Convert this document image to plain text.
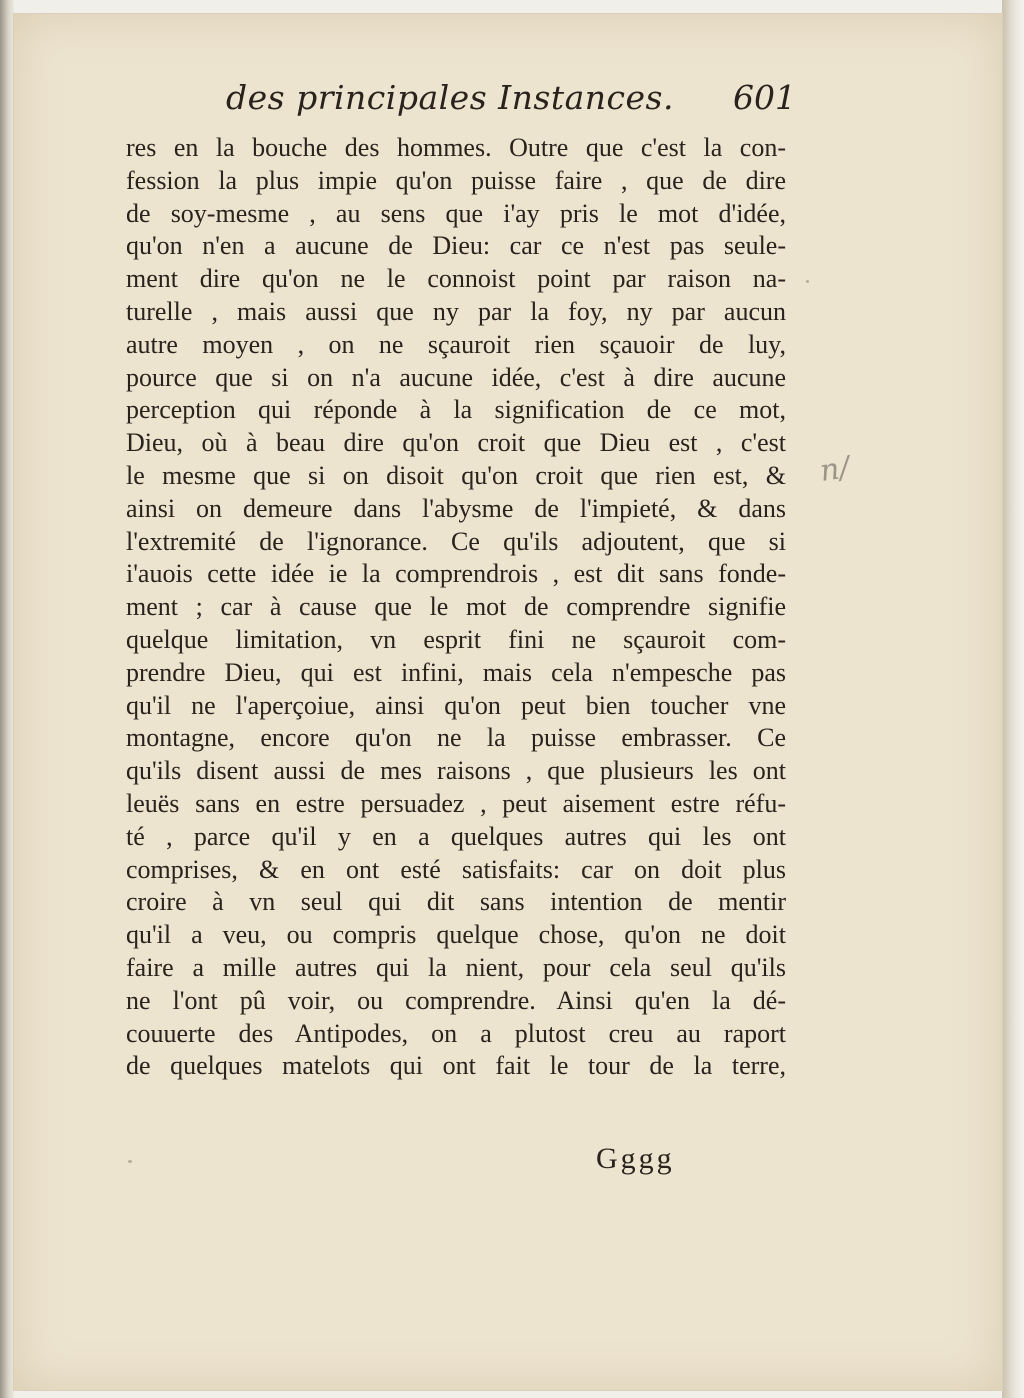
des principales Instances. 601
res en la bouche des hommes. Outre que c'est la con-
fession la plus impie qu'on puisse faire , que de dire
de soy-mesme , au sens que i'ay pris le mot d'idée,
qu'on n'en a aucune de Dieu: car ce n'est pas seule-
ment dire qu'on ne le connoist point par raison na-
turelle , mais aussi que ny par la foy, ny par aucun
autre moyen , on ne sçauroit rien sçauoir de luy,
pource que si on n'a aucune idée, c'est à dire aucune
perception qui réponde à la signification de ce mot,
Dieu, où à beau dire qu'on croit que Dieu est , c'est
le mesme que si on disoit qu'on croit que rien est, &
ainsi on demeure dans l'abysme de l'impieté, & dans
l'extremité de l'ignorance. Ce qu'ils adjoutent, que si
i'auois cette idée ie la comprendrois , est dit sans fonde-
ment ; car à cause que le mot de comprendre signifie
quelque limitation, vn esprit fini ne sçauroit com-
prendre Dieu, qui est infini, mais cela n'empesche pas
qu'il ne l'aperçoiue, ainsi qu'on peut bien toucher vne
montagne, encore qu'on ne la puisse embrasser. Ce
qu'ils disent aussi de mes raisons , que plusieurs les ont
leuës sans en estre persuadez , peut aisement estre réfu-
té , parce qu'il y en a quelques autres qui les ont
comprises, & en ont esté satisfaits: car on doit plus
croire à vn seul qui dit sans intention de mentir
qu'il a veu, ou compris quelque chose, qu'on ne doit
faire a mille autres qui la nient, pour cela seul qu'ils
ne l'ont pû voir, ou comprendre. Ainsi qu'en la dé-
couuerte des Antipodes, on a plutost creu au raport
de quelques matelots qui ont fait le tour de la terre,
n/
Gggg
